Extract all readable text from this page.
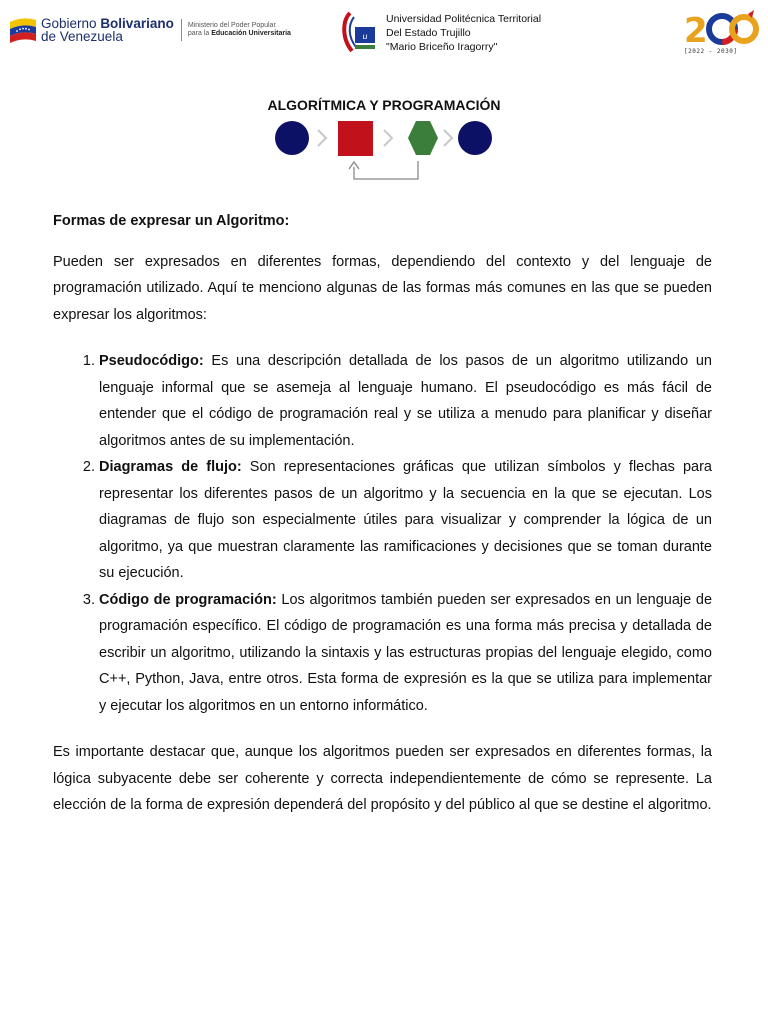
Gobierno Bolivariano
de Venezuela
Ministerio del Poder Popular
para la Educación Universitaria	u
Universidad Politécnica Territorial
Del Estado Trujillo
"Mario Briceño Iragorry"	2
[2022 - 2030]
ALGORÍTMICA Y PROGRAMACIÓN

Formas de expresar un Algoritmo:

Pueden ser expresados en diferentes formas, dependiendo del contexto y del lenguaje de programación utilizado. Aquí te menciono algunas de las formas más comunes en las que se pueden expresar los algoritmos:

1. Pseudocódigo: Es una descripción detallada de los pasos de un algoritmo utilizando un lenguaje informal que se asemeja al lenguaje humano. El pseudocódigo es más fácil de entender que el código de programación real y se utiliza a menudo para planificar y diseñar algoritmos antes de su implementación.
2. Diagramas de flujo: Son representaciones gráficas que utilizan símbolos y flechas para representar los diferentes pasos de un algoritmo y la secuencia en la que se ejecutan. Los diagramas de flujo son especialmente útiles para visualizar y comprender la lógica de un algoritmo, ya que muestran claramente las ramificaciones y decisiones que se toman durante su ejecución.
3. Código de programación: Los algoritmos también pueden ser expresados en un lenguaje de programación específico. El código de programación es una forma más precisa y detallada de escribir un algoritmo, utilizando la sintaxis y las estructuras propias del lenguaje elegido, como C++, Python, Java, entre otros. Esta forma de expresión es la que se utiliza para implementar y ejecutar los algoritmos en un entorno informático.

Es importante destacar que, aunque los algoritmos pueden ser expresados en diferentes formas, la lógica subyacente debe ser coherente y correcta independientemente de cómo se represente. La elección de la forma de expresión dependerá del propósito y del público al que se destine el algoritmo.
